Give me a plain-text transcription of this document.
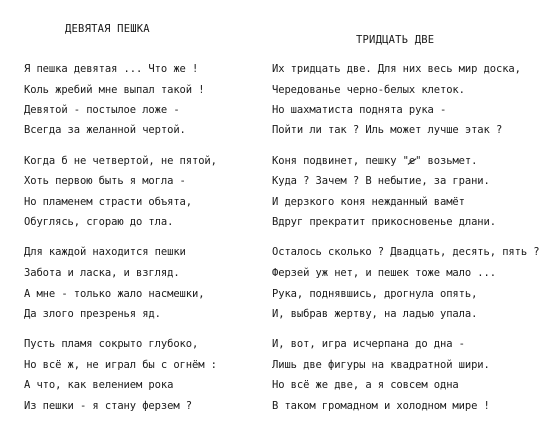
ДЕВЯТАЯ ПЕШКА
Я пешка девятая ... Что же !
Коль жребий мне выпал такой !
Девятой - постылое ложе -
Всегда за желанной чертой.
Когда б не четвертой, не пятой,
Хоть первою быть я могла -
Но пламенем страсти объята,
Обуглясь, сгораю до тла.
Для каждой находится пешки
Забота и ласка, и взгляд.
А мне - только жало насмешки,
Да злого презренья яд.
Пусть пламя сокрыто глубоко,
Но всё ж, не играл бы с огнём :
А что, как велением рока
Из пешки - я стану ферзем ?
ТРИДЦАТЬ ДВЕ
Их тридцать две. Для них весь мир доска,
Чередованье черно-белых клеток.
Но шахматиста поднята рука -
Пойти ли так ? Иль может лучше этак ?
Коня подвинет, пешку "e" возьмет.
Куда ? Зачем ? В небытие, за грани.
И дерзкого коня нежданный вамёт
Вдруг прекратит прикосновенье длани.
Осталось сколько ? Двадцать, десять, пять ?
Ферзей уж нет, и пешек тоже мало ...
Рука, поднявшись, дрогнула опять,
И, выбрав жертву, на ладью упала.
И, вот, игра исчерпана до дна -
Лишь две фигуры на квадратной шири.
Но всё же две, а я совсем одна
В таком громадном и холодном мире !
